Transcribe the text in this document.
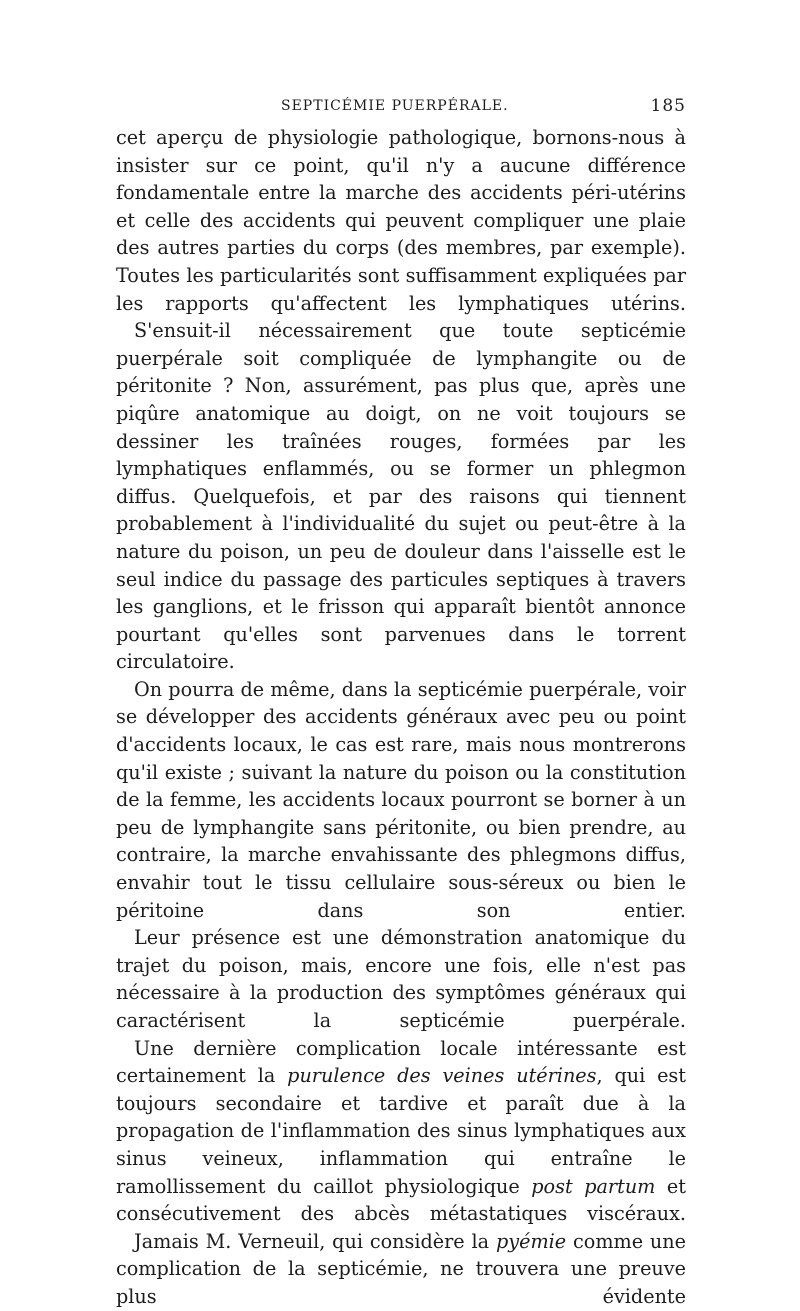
SEPTICÉMIE PUERPÉRALE.	185

cet aperçu de physiologie pathologique, bornons-nous à insister sur ce point, qu'il n'y a aucune différence fondamentale entre la marche des accidents péri-utérins et celle des accidents qui peuvent compliquer une plaie des autres parties du corps (des membres, par exemple). Toutes les particularités sont suffisamment expliquées par les rapports qu'affectent les lymphatiques utérins.

S'ensuit-il nécessairement que toute septicémie puerpérale soit compliquée de lymphangite ou de péritonite ? Non, assurément, pas plus que, après une piqûre anatomique au doigt, on ne voit toujours se dessiner les traînées rouges, formées par les lymphatiques enflammés, ou se former un phlegmon diffus. Quelquefois, et par des raisons qui tiennent probablement à l'individualité du sujet ou peut-être à la nature du poison, un peu de douleur dans l'aisselle est le seul indice du passage des particules septiques à travers les ganglions, et le frisson qui apparaît bientôt annonce pourtant qu'elles sont parvenues dans le torrent circulatoire.

On pourra de même, dans la septicémie puerpérale, voir se développer des accidents généraux avec peu ou point d'accidents locaux, le cas est rare, mais nous montrerons qu'il existe ; suivant la nature du poison ou la constitution de la femme, les accidents locaux pourront se borner à un peu de lymphangite sans péritonite, ou bien prendre, au contraire, la marche envahissante des phlegmons diffus, envahir tout le tissu cellulaire sous-séreux ou bien le péritoine dans son entier.

Leur présence est une démonstration anatomique du trajet du poison, mais, encore une fois, elle n'est pas nécessaire à la production des symptômes généraux qui caractérisent la septicémie puerpérale.

Une dernière complication locale intéressante est certainement la purulence des veines utérines, qui est toujours secondaire et tardive et paraît due à la propagation de l'inflammation des sinus lymphatiques aux sinus veineux, inflammation qui entraîne le ramollissement du caillot physiologique post partum et consécutivement des abcès métastatiques viscéraux.

Jamais M. Verneuil, qui considère la pyémie comme une complication de la septicémie, ne trouvera une preuve plus évidente
